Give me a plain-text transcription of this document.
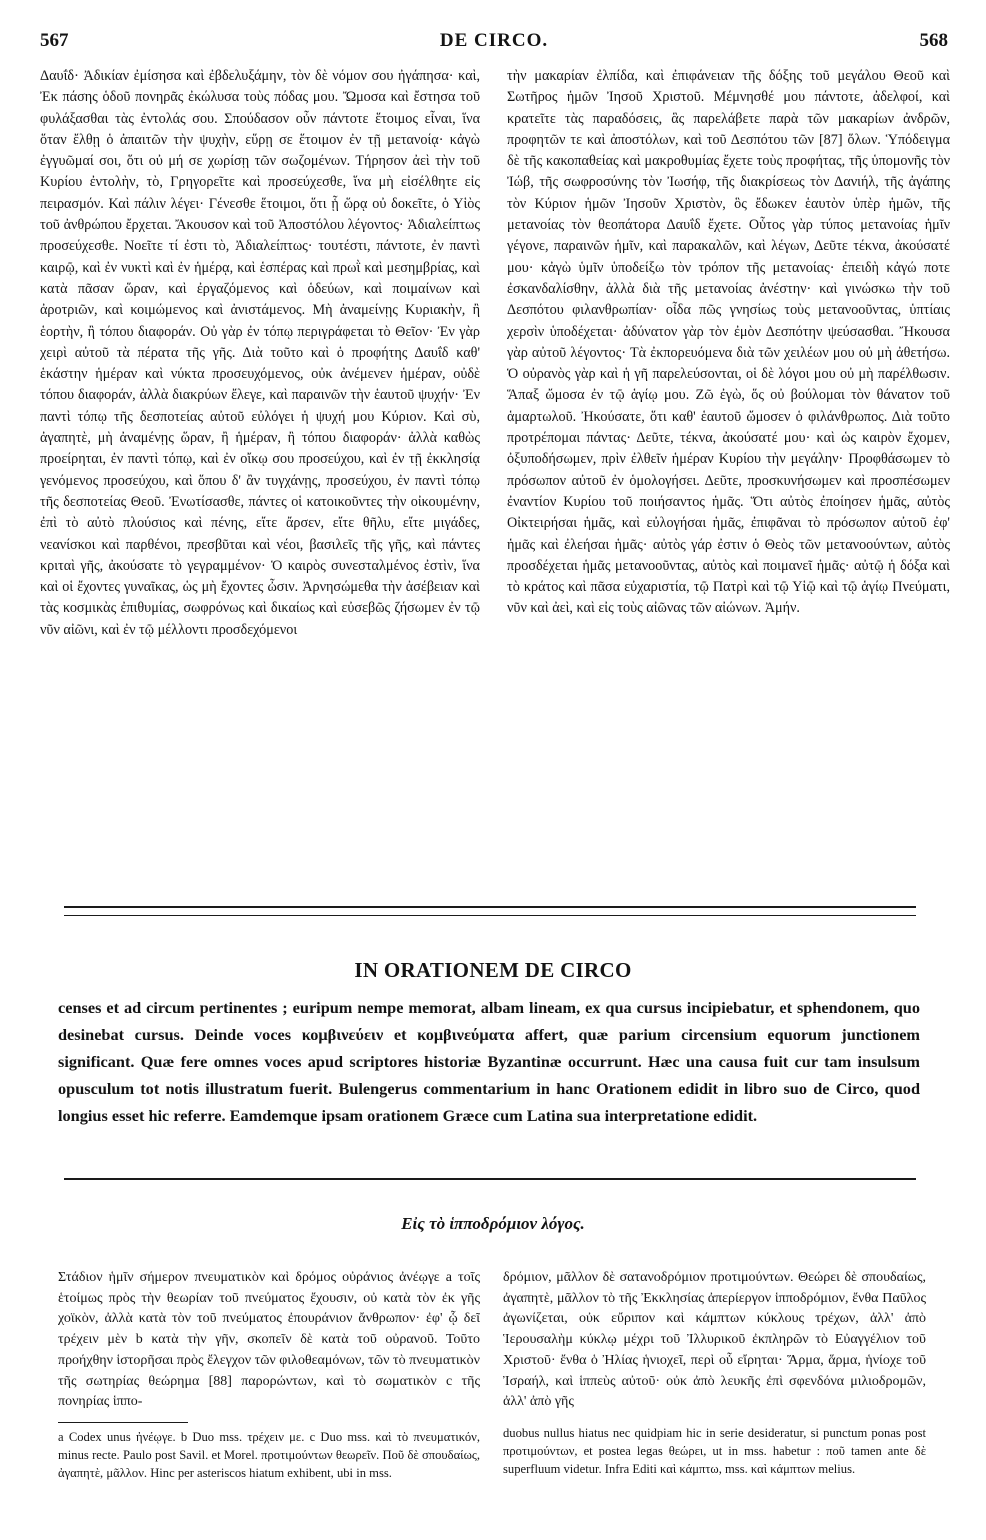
567	DE CIRCO.	568

Δαυΐδ· Ἀδικίαν ἐμίσησα καὶ ἐβδελυξάμην, τὸν δὲ νόμον σου ἠγάπησα· καὶ, Ἐκ πάσης ὁδοῦ πονηρᾶς ἐκώλυσα τοὺς πόδας μου. Ὤμοσα καὶ ἔστησα τοῦ φυλάξασθαι τὰς ἐντολάς σου. Σπούδασον οὖν πάντοτε ἕτοιμος εἶναι, ἵνα ὅταν ἔλθῃ ὁ ἀπαιτῶν τὴν ψυχὴν, εὕρῃ σε ἕτοιμον ἐν τῇ μετανοίᾳ· κἀγὼ ἐγγυῶμαί σοι, ὅτι οὐ μή σε χωρίσῃ τῶν σωζομένων. Τήρησον ἀεὶ τὴν τοῦ Κυρίου ἐντολὴν, τὸ, Γρηγορεῖτε καὶ προσεύχεσθε, ἵνα μὴ εἰσέλθητε εἰς πειρασμόν. Καὶ πάλιν λέγει· Γένεσθε ἕτοιμοι, ὅτι ᾗ ὥρᾳ οὐ δοκεῖτε, ὁ Υἱὸς τοῦ ἀνθρώπου ἔρχεται. Ἄκουσον καὶ τοῦ Ἀποστόλου λέγοντος· Ἀδιαλείπτως προσεύχεσθε. Νοεῖτε τί ἐστι τὸ, Ἀδιαλείπτως· τουτέστι, πάντοτε, ἐν παντὶ καιρῷ, καὶ ἐν νυκτὶ καὶ ἐν ἡμέρᾳ, καὶ ἑσπέρας καὶ πρωῒ καὶ μεσημβρίας, καὶ κατὰ πᾶσαν ὥραν, καὶ ἐργαζόμενος καὶ ὁδεύων, καὶ ποιμαίνων καὶ ἀροτριῶν, καὶ κοιμώμενος καὶ ἀνιστάμενος. Μὴ ἀναμείνῃς Κυριακὴν, ἢ ἑορτὴν, ἢ τόπου διαφοράν. Οὐ γὰρ ἐν τόπῳ περιγράφεται τὸ Θεῖον· Ἐν γὰρ χειρὶ αὐτοῦ τὰ πέρατα τῆς γῆς. Διὰ τοῦτο καὶ ὁ προφήτης Δαυΐδ καθ' ἑκάστην ἡμέραν καὶ νύκτα προσευχόμενος, οὐκ ἀνέμενεν ἡμέραν, οὐδὲ τόπου διαφοράν, ἀλλὰ διακρύων ἔλεγε, καὶ παραινῶν τὴν ἑαυτοῦ ψυχήν· Ἐν παντὶ τόπῳ τῆς δεσποτείας αὐτοῦ εὐλόγει ἡ ψυχή μου Κύριον. Καὶ σὺ, ἀγαπητὲ, μὴ ἀναμένῃς ὥραν, ἢ ἡμέραν, ἢ τόπου διαφοράν· ἀλλὰ καθὼς προείρηται, ἐν παντὶ τόπῳ, καὶ ἐν οἴκῳ σου προσεύχου, καὶ ἐν τῇ ἐκκλησίᾳ γενόμενος προσεύχου, καὶ ὅπου δ' ἂν τυγχάνῃς, προσεύχου, ἐν παντὶ τόπῳ τῆς δεσποτείας Θεοῦ. Ἐνωτίσασθε, πάντες οἱ κατοικοῦντες τὴν οἰκουμένην, ἐπὶ τὸ αὐτὸ πλούσιος καὶ πένης, εἴτε ἄρσεν, εἴτε θῆλυ, εἴτε μιγάδες, νεανίσκοι καὶ παρθένοι, πρεσβῦται καὶ νέοι, βασιλεῖς τῆς γῆς, καὶ πάντες κριταὶ γῆς, ἀκούσατε τὸ γεγραμμένον· Ὁ καιρὸς συνεσταλμένος ἐστὶν, ἵνα καὶ οἱ ἔχοντες γυναῖκας, ὡς μὴ ἔχοντες ὦσιν. Ἀρνησώμεθα τὴν ἀσέβειαν καὶ τὰς κοσμικὰς ἐπιθυμίας, σωφρόνως καὶ δικαίως καὶ εὐσεβῶς ζήσωμεν ἐν τῷ νῦν αἰῶνι, καὶ ἐν τῷ μέλλοντι προσδεχόμενοι

τὴν μακαρίαν ἐλπίδα, καὶ ἐπιφάνειαν τῆς δόξης τοῦ μεγάλου Θεοῦ καὶ Σωτῆρος ἡμῶν Ἰησοῦ Χριστοῦ. Μέμνησθέ μου πάντοτε, ἀδελφοί, καὶ κρατεῖτε τὰς παραδόσεις, ἃς παρελάβετε παρὰ τῶν μακαρίων ἀνδρῶν, προφητῶν τε καὶ ἀποστόλων, καὶ τοῦ Δεσπότου τῶν [87] ὅλων. Ὑπόδειγμα δὲ τῆς κακοπαθείας καὶ μακροθυμίας ἔχετε τοὺς προφήτας, τῆς ὑπομονῆς τὸν Ἰώβ, τῆς σωφροσύνης τὸν Ἰωσήφ, τῆς διακρίσεως τὸν Δανιήλ, τῆς ἀγάπης τὸν Κύριον ἡμῶν Ἰησοῦν Χριστὸν, ὃς ἔδωκεν ἑαυτὸν ὑπὲρ ἡμῶν, τῆς μετανοίας τὸν θεοπάτορα Δαυΐδ ἔχετε. Οὗτος γὰρ τύπος μετανοίας ἡμῖν γέγονε, παραινῶν ἡμῖν, καὶ παρακαλῶν, καὶ λέγων, Δεῦτε τέκνα, ἀκούσατέ μου· κἀγὼ ὑμῖν ὑποδείξω τὸν τρόπον τῆς μετανοίας· ἐπειδὴ κἀγώ ποτε ἐσκανδαλίσθην, ἀλλὰ διὰ τῆς μετανοίας ἀνέστην· καὶ γινώσκω τὴν τοῦ Δεσπότου φιλανθρωπίαν· οἶδα πῶς γνησίως τοὺς μετανοοῦντας, ὑπτίαις χερσὶν ὑποδέχεται· ἀδύνατον γὰρ τὸν ἐμὸν Δεσπότην ψεύσασθαι. Ἤκουσα γὰρ αὐτοῦ λέγοντος· Τὰ ἐκπορευόμενα διὰ τῶν χειλέων μου οὐ μὴ ἀθετήσω. Ὁ οὐρανὸς γὰρ καὶ ἡ γῆ παρελεύσονται, οἱ δὲ λόγοι μου οὐ μὴ παρέλθωσιν. Ἅπαξ ὤμοσα ἐν τῷ ἁγίῳ μου. Ζῶ ἐγὼ, ὅς οὐ βούλομαι τὸν θάνατον τοῦ ἁμαρτωλοῦ. Ἠκούσατε, ὅτι καθ' ἑαυτοῦ ὤμοσεν ὁ φιλάνθρωπος. Διὰ τοῦτο προτρέπομαι πάντας· Δεῦτε, τέκνα, ἀκούσατέ μου· καὶ ὡς καιρὸν ἔχομεν, ὀξυποδήσωμεν, πρὶν ἐλθεῖν ἡμέραν Κυρίου τὴν μεγάλην· Προφθάσωμεν τὸ πρόσωπον αὐτοῦ ἐν ὁμολογήσει. Δεῦτε, προσκυνήσωμεν καὶ προσπέσωμεν ἐναντίον Κυρίου τοῦ ποιήσαντος ἡμᾶς. Ὅτι αὐτὸς ἐποίησεν ἡμᾶς, αὐτὸς Οἰκτειρήσαι ἡμᾶς, καὶ εὐλογήσαι ἡμᾶς, ἐπιφᾶναι τὸ πρόσωπον αὐτοῦ ἐφ' ἡμᾶς καὶ ἐλεήσαι ἡμᾶς· αὐτὸς γάρ ἐστιν ὁ Θεὸς τῶν μετανοούντων, αὐτὸς προσδέχεται ἡμᾶς μετανοοῦντας, αὐτὸς καὶ ποιμανεῖ ἡμᾶς· αὐτῷ ἡ δόξα καὶ τὸ κράτος καὶ πᾶσα εὐχαριστία, τῷ Πατρὶ καὶ τῷ Υἱῷ καὶ τῷ ἁγίῳ Πνεύματι, νῦν καὶ ἀεὶ, καὶ εἰς τοὺς αἰῶνας τῶν αἰώνων. Ἀμήν.

IN ORATIONEM DE CIRCO
censes et ad circum pertinentes ; euripum nempe memorat, albam lineam, ex qua cursus incipiebatur, et sphendonem, quo desinebat cursus. Deinde voces κομβινεύειν et κομβινεύματα affert, quæ parium circensium equorum junctionem significant. Quæ fere omnes voces apud scriptores historiæ Byzantinæ occurrunt. Hæc una causa fuit cur tam insulsum opusculum tot notis illustratum fuerit. Bulengerus commentarium in hanc Orationem edidit in libro suo de Circo, quod longius esset hic referre. Eamdemque ipsam orationem Græce cum Latina sua interpretatione edidit.
Εἰς τὸ ἱπποδρόμιον λόγος.

Στάδιον ἡμῖν σήμερον πνευματικὸν καὶ δρόμος οὐράνιος ἀνέῳγε a τοῖς ἑτοίμως πρὸς τὴν θεωρίαν τοῦ πνεύματος ἔχουσιν, οὐ κατὰ τὸν ἐκ γῆς χοϊκὸν, ἀλλὰ κατὰ τὸν τοῦ πνεύματος ἐπουράνιον ἄνθρωπον· ἐφ' ᾧ δεῖ τρέχειν μὲν b κατὰ τὴν γῆν, σκοπεῖν δὲ κατὰ τοῦ οὐρανοῦ. Τοῦτο προήχθην ἱστορῆσαι πρὸς ἔλεγχον τῶν φιλοθεαμόνων, τῶν τὸ πνευματικὸν τῆς σωτηρίας θεώρημα [88] παρορώντων, καὶ τὸ σωματικὸν c τῆς πονηρίας ἱππο-

δρόμιον, μᾶλλον δὲ σατανοδρόμιον προτιμούντων. Θεώρει δὲ σπουδαίως, ἀγαπητὲ, μᾶλλον τὸ τῆς Ἐκκλησίας ἀπερίεργον ἱπποδρόμιον, ἔνθα Παῦλος ἀγωνίζεται, οὐκ εὔριπον καὶ κάμπτων κύκλους τρέχων, ἀλλ' ἀπὸ Ἱερουσαλὴμ κύκλῳ μέχρι τοῦ Ἰλλυρικοῦ ἐκπληρῶν τὸ Εὐαγγέλιον τοῦ Χριστοῦ· ἔνθα ὁ Ἠλίας ἡνιοχεῖ, περὶ οὗ εἴρηται· Ἅρμα, ἅρμα, ἡνίοχε τοῦ Ἰσραήλ, καὶ ἱππεὺς αὐτοῦ· οὐκ ἀπὸ λευκῆς ἐπὶ σφενδόνα μιλιοδρομῶν, ἀλλ' ἀπὸ γῆς

a Codex unus ἠνέῳγε. b Duo mss. τρέχειν με. c Duo mss. καὶ τὸ πνευματικόν, minus recte. Paulo post Savil. et Morel. προτιμούντων θεωρεῖν. Ποῦ δὲ σπουδαίως, ἀγαπητὲ, μᾶλλον. Hinc per asteriscos hiatum exhibent, ubi in mss.

duobus nullus hiatus nec quidpiam hic in serie desideratur, si punctum ponas post προτιμούντων, et postea legas θεώρει, ut in mss. habetur : ποῦ tamen ante δὲ superfluum videtur. Infra Editi καὶ κάμπτω, mss. καὶ κάμπτων melius.
